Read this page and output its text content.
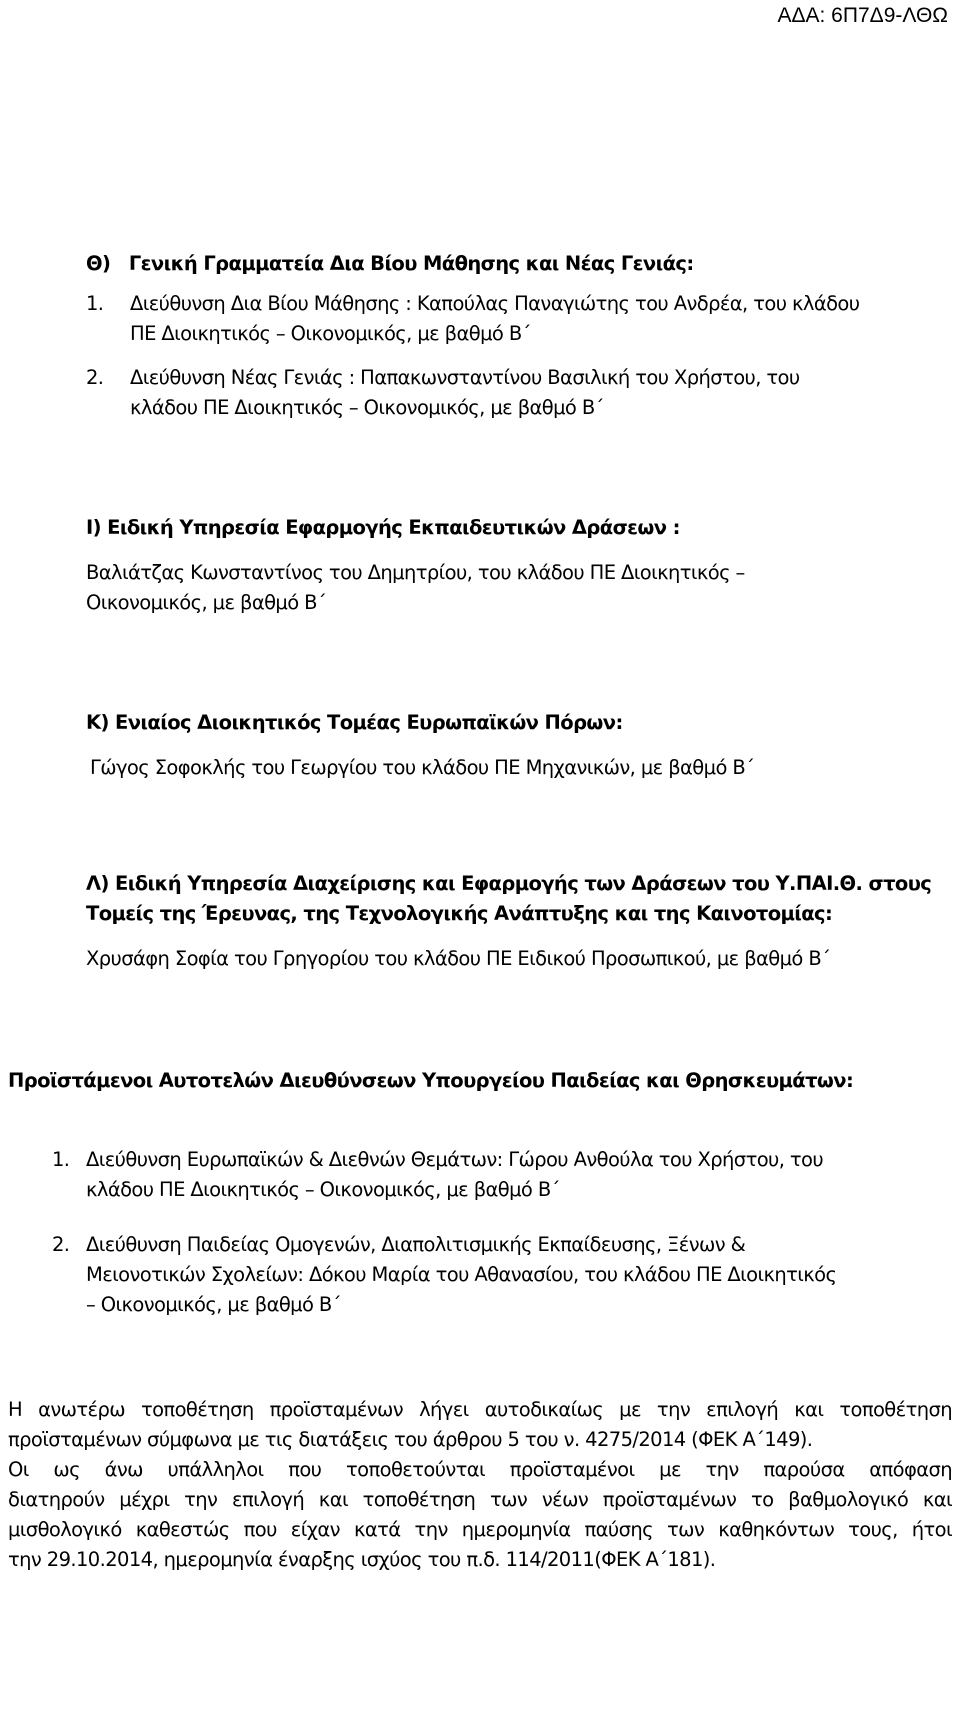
ΑΔΑ: 6Π7Δ9-ΛΘΩ
Θ)   Γενική Γραμματεία Δια Βίου Μάθησης και Νέας Γενιάς:
1. Διεύθυνση Δια Βίου Μάθησης : Καπούλας Παναγιώτης του Ανδρέα, του κλάδου
ΠΕ Διοικητικός – Οικονομικός, με βαθμό Β΄
2. Διεύθυνση Νέας Γενιάς : Παπακωνσταντίνου Βασιλική του Χρήστου, του
κλάδου ΠΕ Διοικητικός – Οικονομικός, με βαθμό Β΄
Ι) Ειδική Υπηρεσία Εφαρμογής Εκπαιδευτικών Δράσεων :
Βαλιάτζας Κωνσταντίνος του Δημητρίου, του κλάδου ΠΕ Διοικητικός –
Οικονομικός, με βαθμό Β΄
Κ) Ενιαίος Διοικητικός Τομέας Ευρωπαϊκών Πόρων:
Γώγος Σοφοκλής του Γεωργίου του κλάδου ΠΕ Μηχανικών, με βαθμό Β΄
Λ) Ειδική Υπηρεσία Διαχείρισης και Εφαρμογής των Δράσεων του Υ.ΠΑΙ.Θ. στους
Τομείς της Έρευνας, της Τεχνολογικής Ανάπτυξης και της Καινοτομίας:
Χρυσάφη Σοφία του Γρηγορίου του κλάδου ΠΕ Ειδικού Προσωπικού, με βαθμό Β΄
Προϊστάμενοι Αυτοτελών Διευθύνσεων Υπουργείου Παιδείας και Θρησκευμάτων:
1. Διεύθυνση Ευρωπαϊκών & Διεθνών Θεμάτων: Γώρου Ανθούλα του Χρήστου, του
κλάδου ΠΕ Διοικητικός – Οικονομικός, με βαθμό Β΄
2. Διεύθυνση Παιδείας Ομογενών, Διαπολιτισμικής Εκπαίδευσης, Ξένων &
Μειονοτικών Σχολείων: Δόκου Μαρία του Αθανασίου, του κλάδου ΠΕ Διοικητικός
– Οικονομικός, με βαθμό Β΄
Η ανωτέρω τοποθέτηση προϊσταμένων λήγει αυτοδικαίως με την επιλογή και τοποθέτηση
προϊσταμένων σύμφωνα με τις διατάξεις του άρθρου 5 του ν. 4275/2014 (ΦΕΚ Α΄149).
Οι ως άνω υπάλληλοι που τοποθετούνται προϊσταμένοι με την παρούσα απόφαση
διατηρούν μέχρι την επιλογή και τοποθέτηση των νέων προϊσταμένων το βαθμολογικό και
μισθολογικό καθεστώς που είχαν κατά την ημερομηνία παύσης των καθηκόντων τους, ήτοι
την 29.10.2014, ημερομηνία έναρξης ισχύος του π.δ. 114/2011(ΦΕΚ Α΄181).
